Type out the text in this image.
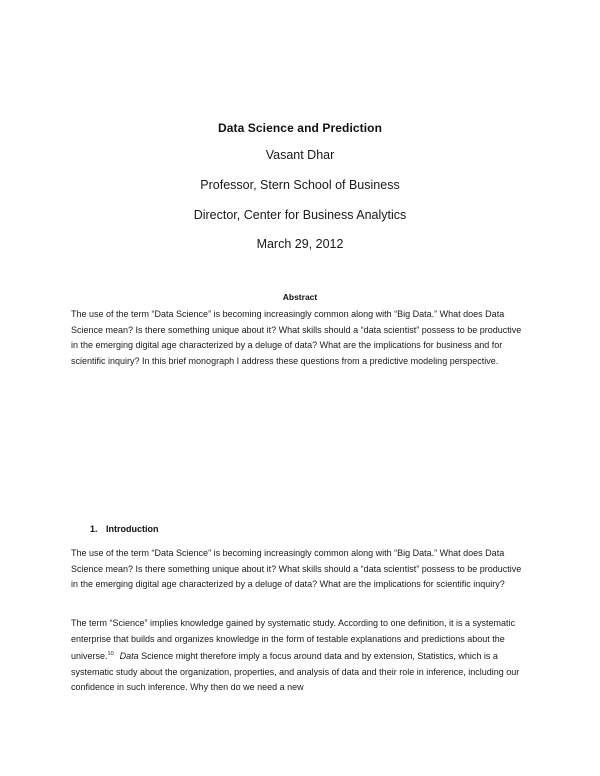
Data Science and Prediction
Vasant Dhar
Professor, Stern School of Business
Director, Center for Business Analytics
March 29, 2012
Abstract
The use of the term “Data Science” is becoming increasingly common along with “Big Data.” What does Data Science mean? Is there something unique about it? What skills should a “data scientist” possess to be productive in the emerging digital age characterized by a deluge of data? What are the implications for business and for scientific inquiry? In this brief monograph I address these questions from a predictive modeling perspective.
1. Introduction
The use of the term “Data Science” is becoming increasingly common along with “Big Data.” What does Data Science mean? Is there something unique about it? What skills should a “data scientist” possess to be productive in the emerging digital age characterized by a deluge of data? What are the implications for scientific inquiry?
The term “Science” implies knowledge gained by systematic study. According to one definition, it is a systematic enterprise that builds and organizes knowledge in the form of testable explanations and predictions about the universe.$^{10}$ Data Science might therefore imply a focus around data and by extension, Statistics, which is a systematic study about the organization, properties, and analysis of data and their role in inference, including our confidence in such inference. Why then do we need a new
